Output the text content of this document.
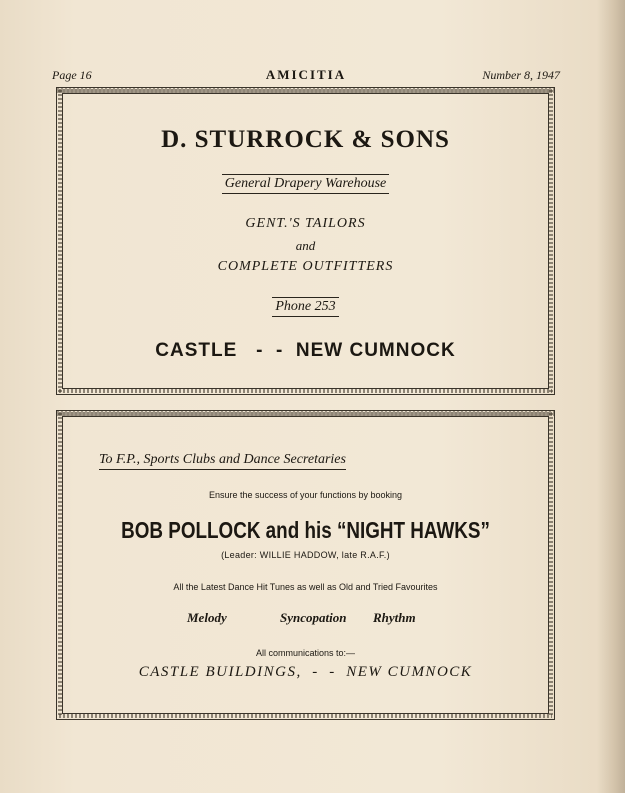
Page 16	AMICITIA	Number 8, 1947
D. STURROCK & SONS
General Drapery Warehouse
GENT.'S TAILORS
and
COMPLETE OUTFITTERS
Phone 253
CASTLE   -  -  NEW CUMNOCK
To F.P., Sports Clubs and Dance Secretaries
Ensure the success of your functions by booking
BOB POLLOCK and his “NIGHT HAWKS”
(Leader: WILLIE HADDOW, late R.A.F.)
All the Latest Dance Hit Tunes as well as Old and Tried Favourites
Melody	Syncopation Rhythm
All communications to:—
CASTLE BUILDINGS,  -  -  NEW CUMNOCK
